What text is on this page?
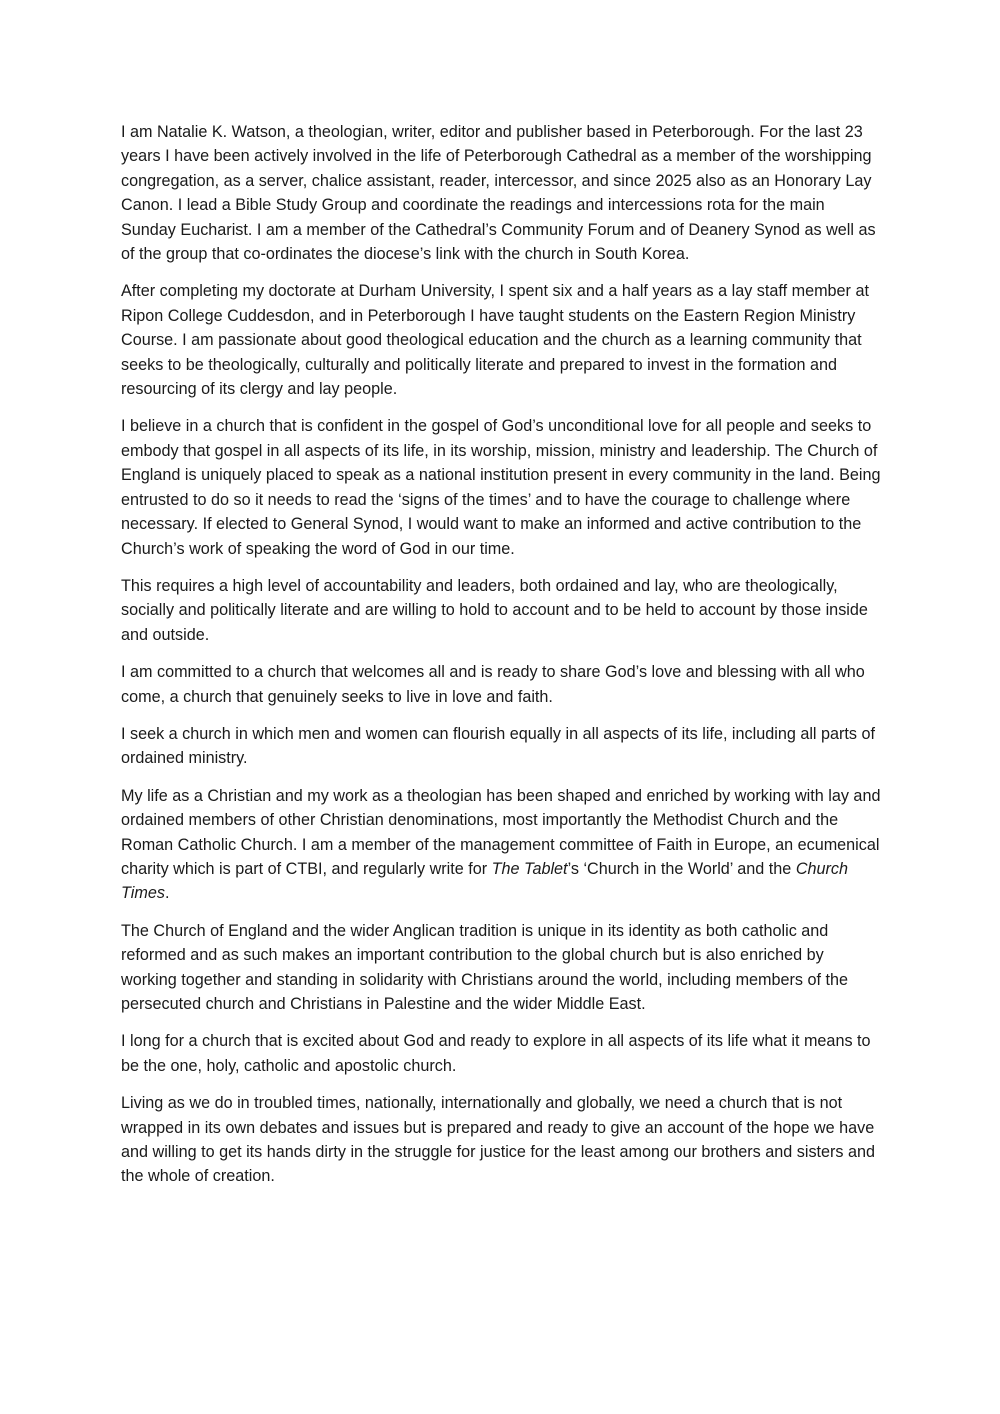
I am Natalie K. Watson, a theologian, writer, editor and publisher based in Peterborough. For the last 23 years I have been actively involved in the life of Peterborough Cathedral as a member of the worshipping congregation, as a server, chalice assistant, reader, intercessor, and since 2025 also as an Honorary Lay Canon. I lead a Bible Study Group and coordinate the readings and intercessions rota for the main Sunday Eucharist. I am a member of the Cathedral’s Community Forum and of Deanery Synod as well as of the group that co-ordinates the diocese’s link with the church in South Korea.

After completing my doctorate at Durham University, I spent six and a half years as a lay staff member at Ripon College Cuddesdon, and in Peterborough I have taught students on the Eastern Region Ministry Course. I am passionate about good theological education and the church as a learning community that seeks to be theologically, culturally and politically literate and prepared to invest in the formation and resourcing of its clergy and lay people.

I believe in a church that is confident in the gospel of God’s unconditional love for all people and seeks to embody that gospel in all aspects of its life, in its worship, mission, ministry and leadership. The Church of England is uniquely placed to speak as a national institution present in every community in the land. Being entrusted to do so it needs to read the ‘signs of the times’ and to have the courage to challenge where necessary. If elected to General Synod, I would want to make an informed and active contribution to the Church’s work of speaking the word of God in our time.

This requires a high level of accountability and leaders, both ordained and lay, who are theologically, socially and politically literate and are willing to hold to account and to be held to account by those inside and outside.

I am committed to a church that welcomes all and is ready to share God’s love and blessing with all who come, a church that genuinely seeks to live in love and faith.

I seek a church in which men and women can flourish equally in all aspects of its life, including all parts of ordained ministry.

My life as a Christian and my work as a theologian has been shaped and enriched by working with lay and ordained members of other Christian denominations, most importantly the Methodist Church and the Roman Catholic Church. I am a member of the management committee of Faith in Europe, an ecumenical charity which is part of CTBI, and regularly write for The Tablet’s ‘Church in the World’ and the Church Times.

The Church of England and the wider Anglican tradition is unique in its identity as both catholic and reformed and as such makes an important contribution to the global church but is also enriched by working together and standing in solidarity with Christians around the world, including members of the persecuted church and Christians in Palestine and the wider Middle East.

I long for a church that is excited about God and ready to explore in all aspects of its life what it means to be the one, holy, catholic and apostolic church.

Living as we do in troubled times, nationally, internationally and globally, we need a church that is not wrapped in its own debates and issues but is prepared and ready to give an account of the hope we have and willing to get its hands dirty in the struggle for justice for the least among our brothers and sisters and the whole of creation.
